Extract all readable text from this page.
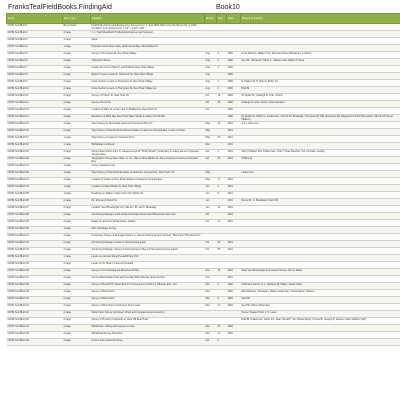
FranksTealFieldBooks.FindingAid	Book10
Entry	Entry type	Heading	Month	Day	Year	Person of Interest
CDHS.Teal.Bk10.1	Bound book	Field Book 010 of Land Engineering, Surveys by F. L. Teal 1900-1901 Cover 64; Boxed No. 4; 1900; Condition: poor; Dimensions: 7 1/2" x 4 3/4" x 5/8"				
CDHS.Teal.Bk10.2	2 page	F. L. Teal Wheatfield NY Municipal Engineer and Surveyor				
CDHS.Teal.Bk10.3	1 page	blank				
CDHS.Teal.Bk10.4	1 page	Hydraulic South Street Way, North Street Way, West Market St				
CDHS.Teal.Bk10.5	2 page	Survey of Thompson M. Reel Hook Village	Aug	3	1900	Anna McCarty; Walter Prior; Sylvester Hebert Bridgman; S. Martin
CDHS.Teal.Bk10.6	2 page	Thompson Street	Aug	4	1900	Reel M. Thompson; Hal R. L.; Mason Land; Walter P. Doyle
CDHS.Teal.Bk10.7	2 page	Grades for roof on Harbor? and Hoffman Reel Hook Village	Aug	3	1900	
CDHS.Teal.Bk10.8	2 page	Memo? Levels Levels on Thompson St. Reel Hook Village	Aug		1900	
CDHS.Teal.Bk10.9	2 page	Cross Section Levels on Thompson St. Reel Hook Village	Aug	4	1900	E. Mallett; W. H. Marion; Butler Co.
CDHS.Teal.Bk10.10	2 page	Cross Section Levels on Thompson St. Reel Hook Village Lot	Aug	6	1900	Platt Bl.
CDHS.Teal.Bk10.11	2 page	Survey of Church St. Reel Hook Vil.	Oct	16	1900	W. Muller Bl.; Fleileigh St. M.E. Church
CDHS.Teal.Bk10.12	2 page	Survey Church St	Oct	18	1900	Fleileigh St. M.E. Church; Note Attended
CDHS.Teal.Bk10.13	2 page	Location of Main St. Linden and Jn Phillipps St. Reel Hook Vil.	Oct		1900	
CDHS.Teal.Bk10.14	3 page	Elevations of Main Rge Reel Hook Water Works as taken from Profile			1900	W. Mullett St. Phillip St. Linden Ave.; Church Dr. Broadway; Thompson Bl. NW Newcomer Rd. Edgewood Church Rhinebeck; NE Church Street Mulberry
CDHS.Teal.Bk10.15	2 page	Topo Survey for New Road Lawrence? Tempenst Hwy NY	May	15	1901	C.L. Linden Ave.
CDHS.Teal.Bk10.16	2 page	Topo Survey of New Road Continued; Estate of Lawrence Tempest Esq. Levels on Drive	May		1901	
CDHS.Teal.Bk10.17	1 page	Topo Survey of Lawrence Tempest Drive	May	20	1901	
CDHS.Teal.Bk10.18	1 page	Withdrawal continued	Mar		1901	
CDHS.Teal.Bk10.19	2 page	Survey East portion John N. Lidwell except for "Hook Stream" preliminary to selling same to Sylvester Tempest Esq.	Apr	1	1901	Mary Chidwell; Wm. Pattenmore; Ode T. Peter Beecher; Col. Fountain; Gotting
CDHS.Teal.Bk10.20	2 page	Topographic Survey Reel Hook, N. Lot - Bas or West Market St. along property of Lawrence Tempest Esq.	Apr	25	1901	Phillips St.
CDHS.Teal.Bk10.21	1 page	survey measurements				
CDHS.Teal.Bk10.22	1 page	Topo Survey of New Road at Estate of Lawrence Tempest Esq. Reel Hook, NY	May			Linden Ave.
CDHS.Teal.Bk10.23	2 page	Location of Grade on New Road, Estate of Lawrence Tempest Esq.	May	17	1901	
CDHS.Teal.Bk10.24	1 page	Location on West Market St. Reel Hook Village	Jun	4	1901	
CDHS.Teal.Bk10.25	1 page	Readings on Walks in Side Curb of W. Market St.	Jun	5	1901	
CDHS.Teal.Bk10.26	2 page	Mt. John and Church St.	Jun		1901	Pierce Bl.; S. Broadway Church Bl.
CDHS.Teal.Bk10.27	2 page	Location Sea Wheelwright Lot; Catt Ave. Bl. and S. Broadway	Jun	10	1901	
CDHS.Teal.Bk10.28	2 page	Armstrong Drainage Levels along Preliminary Route Sea Wheelwork, New York	Oct		1901	
CDHS.Teal.Bk10.29	2 page	Estate of Lawrence Tempest Esq. Garden	Oct	21	1901	
CDHS.Teal.Bk10.30	1 page	Part 1 Drainage Survey				
CDHS.Teal.Bk10.31	2 page	Preliminary Survey of Drainage System on James Armstrong Farm formerly "Platt Farm" Rhinebeck NY				
CDHS.Teal.Bk10.32	2 page	Armstrong Drainage; Levels on 3rd proposed outlet	Oct	26	1901	
CDHS.Teal.Bk10.33	2 page	Armstrong Drainage, Survey of 2nd proposed outlet and Several proposed outlets	Oct	30	1901	
CDHS.Teal.Bk10.34	1 page	Levels on outcrest Sta at Peekskill New York				
CDHS.Teal.Bk10.35	2 page	Levels on St. Mount Crescent Peekskill				
CDHS.Teal.Bk10.36	2 page	Survey of 41 Cultivated Lot Berkshire Bl Hbb.	Nov	19	1901	Mary Van Wheelwright and Joseph House; John A. Muller
CDHS.Teal.Bk10.37	2 page	Survey Elliott Estate Chair and Fountain Wich Wheeler along Sea Rd.	Nov		1901	
CDHS.Teal.Bk10.38	2 page	Survey of Ronad? Dr. Reel Hook N Y Conveyed to Anthony T. Wheeler Esq. Yew	Mar	4	1902	Parkinson Farms; O. L. Highway Mr. Walter; Searle Place
CDHS.Teal.Bk10.39	2 page	Survey of Wood Farm	Mar		1902	Eliza McCarty; Templeton; Walter Lantier Est.; Frank Nelson; Weaver
CDHS.Teal.Bk10.40	2 page	Survey of Wood Farm	Mar	8	1902	Sea Hill
CDHS.Teal.Bk10.41	2 page	Survey of Wood Farm Continued; Topo Levels	Mar	11	1902	Sea Hill; Palmer Wood Est.
CDHS.Teal.Bk10.42	2 page	Wood Farm Survey Continued; Chain and Compass around wood lot				Pence; Weaver Hunt; J. H. Lewis
CDHS.Teal.Bk10.43	2 page	Survey of Thurlow Crosbwell Lot, Reel Hill Reel Hook				Platt Bl. Pollard esq. Carter Ird.; Allan Hundell?; Van Wickenburgh; Forrest Bl. George R. Dawson; Allen Medford (all?)
CDHS.Teal.Bk10.44	2 page	Withdrawal - boiling and Laying out Lane	Mar	26	1902	
CDHS.Teal.Bk10.45	2 page	Withdrawal Survey Directions	Mar	27	1902	
CDHS.Teal.Bk10.46	2 page	Crocus Care Instruction Drive	Apr	2		
